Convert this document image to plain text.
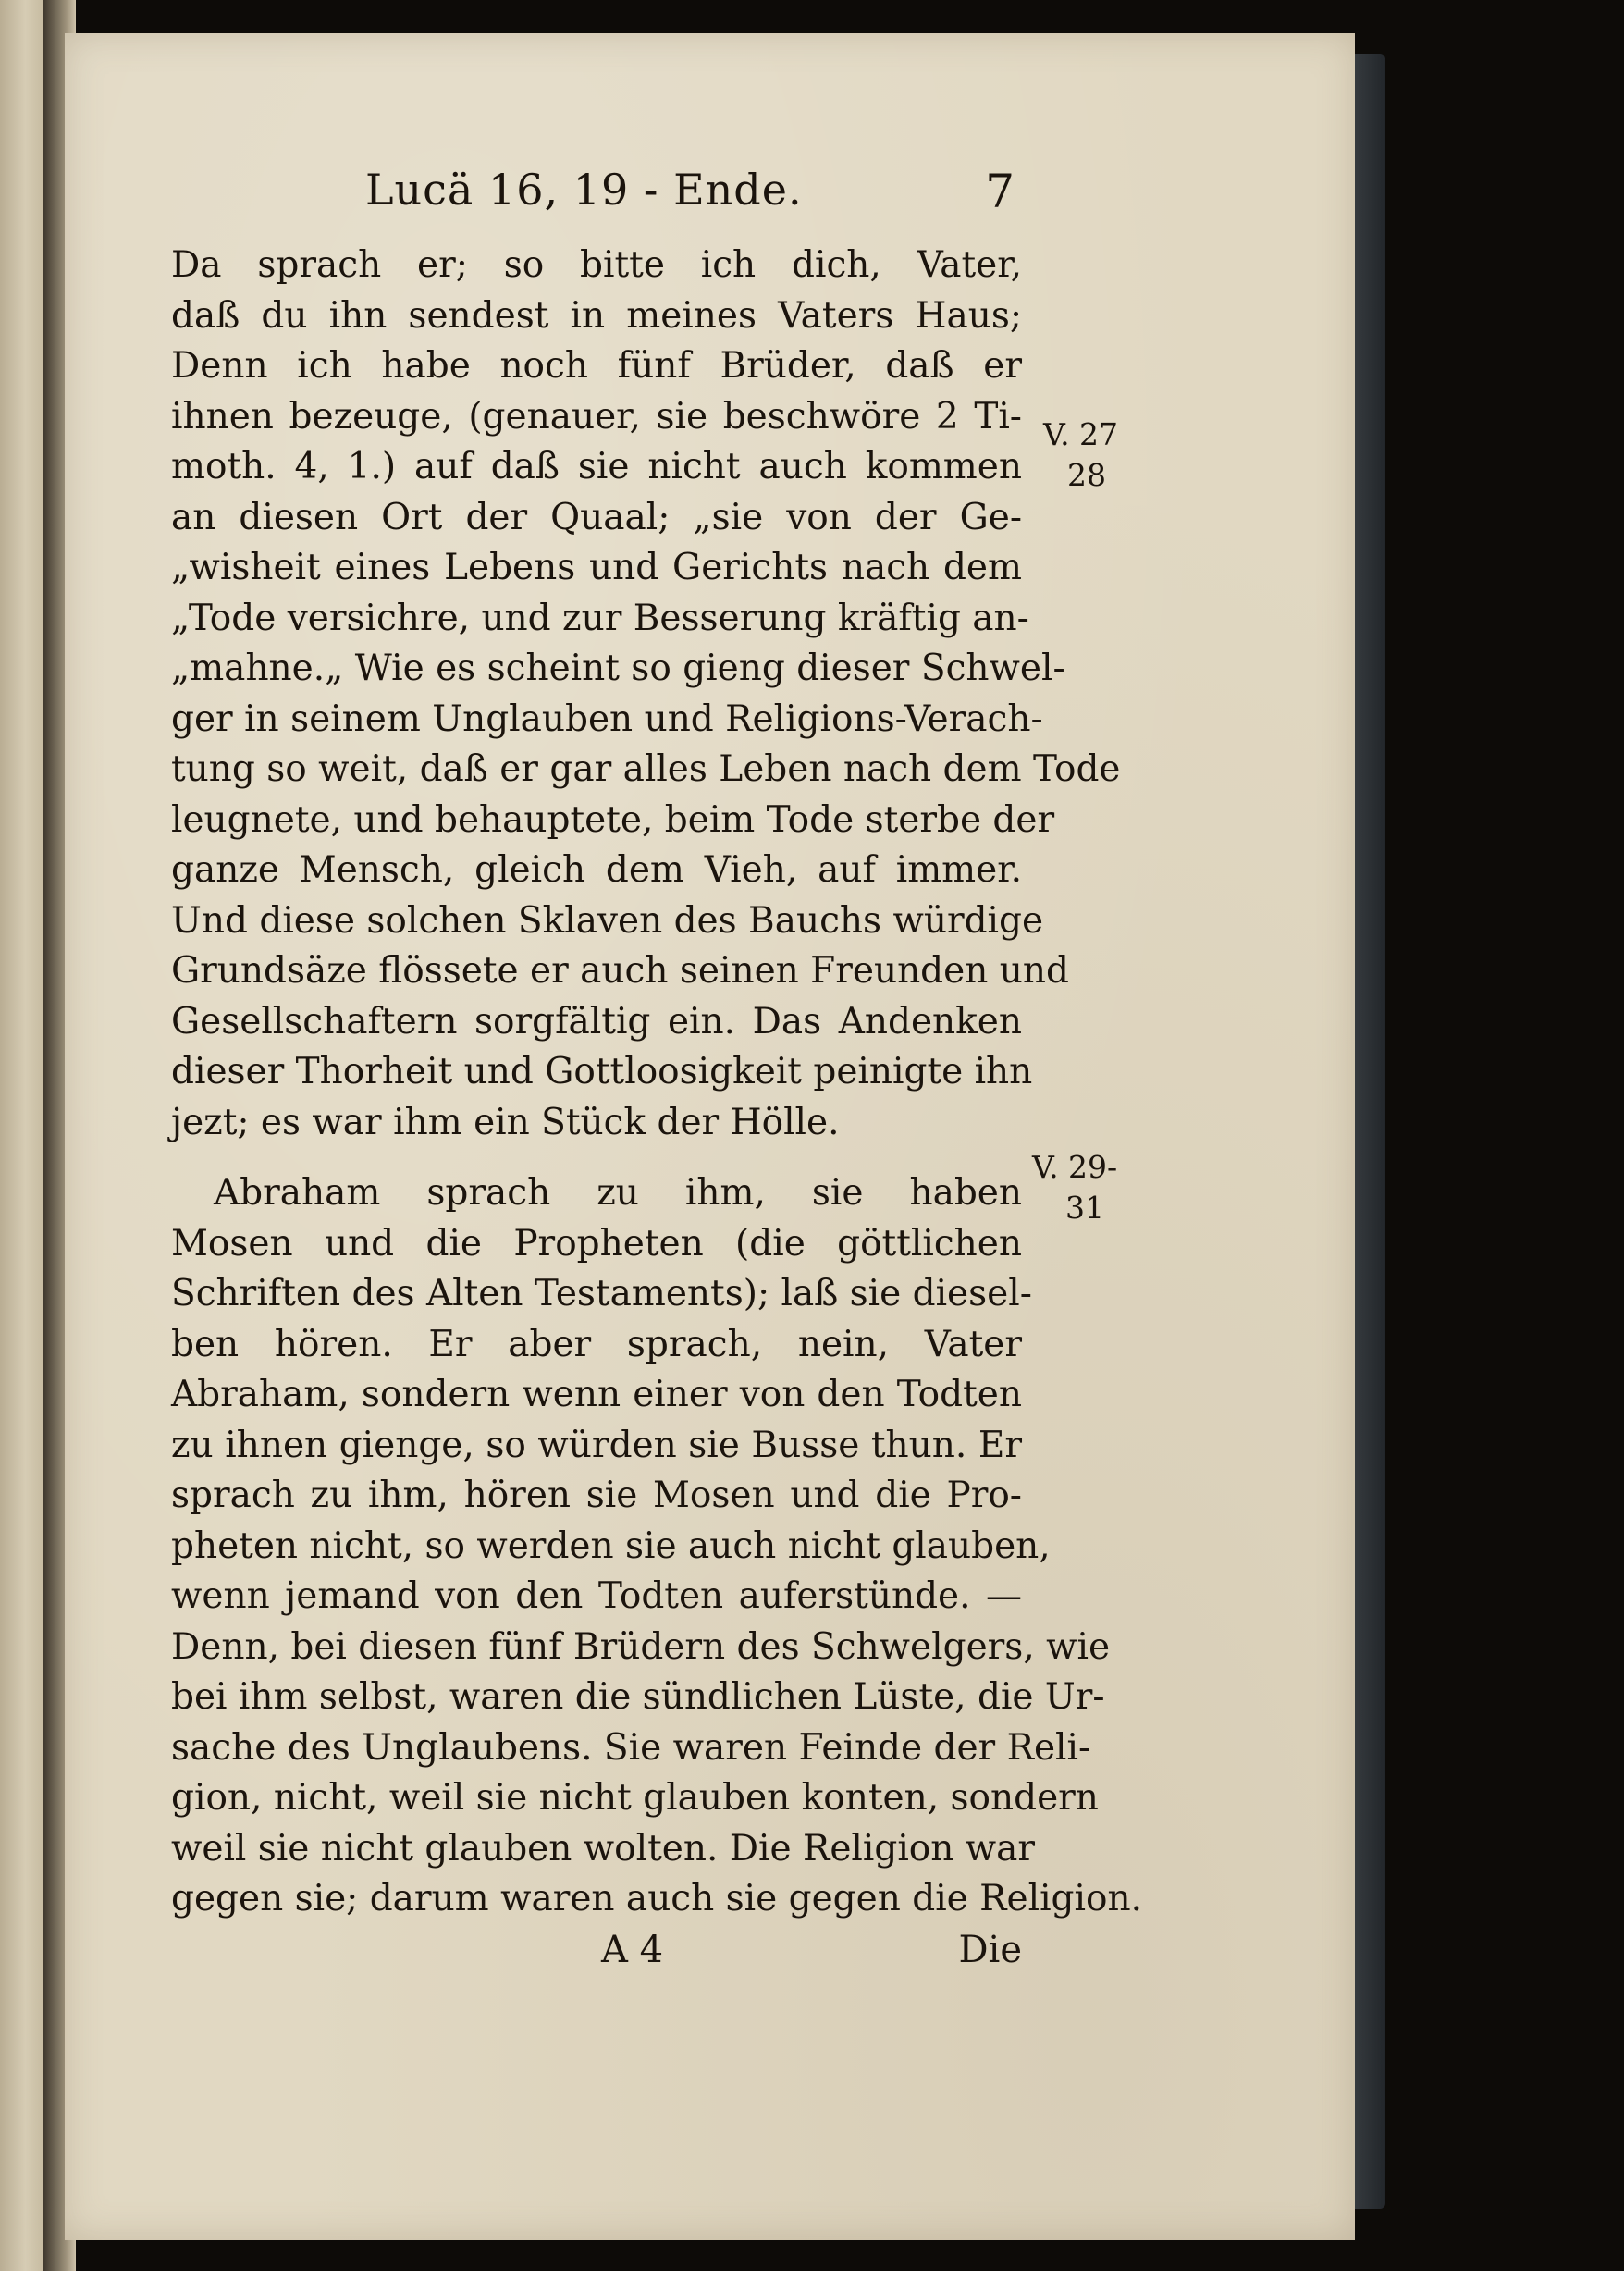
Lucä 16, 19 - Ende.	7
Da sprach er; so bitte ich dich, Vater,
daß du ihn sendest in meines Vaters Haus;
Denn ich habe noch fünf Brüder, daß er
ihnen bezeuge, (genauer, sie beschwöre 2 Ti-
moth. 4, 1.) auf daß sie nicht auch kommen
an diesen Ort der Quaal; „sie von der Ge-
„wisheit eines Lebens und Gerichts nach dem
„Tode versichre, und zur Besserung kräftig an-
„mahne.„ Wie es scheint so gieng dieser Schwel-
ger in seinem Unglauben und Religions-Verach-
tung so weit, daß er gar alles Leben nach dem Tode
leugnete, und behauptete, beim Tode sterbe der
ganze Mensch, gleich dem Vieh, auf immer.
Und diese solchen Sklaven des Bauchs würdige
Grundsäze flössete er auch seinen Freunden und
Gesellschaftern sorgfältig ein. Das Andenken
dieser Thorheit und Gottloosigkeit peinigte ihn
jezt; es war ihm ein Stück der Hölle.
Abraham sprach zu ihm, sie haben
Mosen und die Propheten (die göttlichen
Schriften des Alten Testaments); laß sie diesel-
ben hören. Er aber sprach, nein, Vater
Abraham, sondern wenn einer von den Todten
zu ihnen gienge, so würden sie Busse thun. Er
sprach zu ihm, hören sie Mosen und die Pro-
pheten nicht, so werden sie auch nicht glauben,
wenn jemand von den Todten auferstünde. —
Denn, bei diesen fünf Brüdern des Schwelgers, wie
bei ihm selbst, waren die sündlichen Lüste, die Ur-
sache des Unglaubens. Sie waren Feinde der Reli-
gion, nicht, weil sie nicht glauben konten, sondern
weil sie nicht glauben wolten. Die Religion war
gegen sie; darum waren auch sie gegen die Religion.
A 4	Die
V. 27
28
V. 29-
31
